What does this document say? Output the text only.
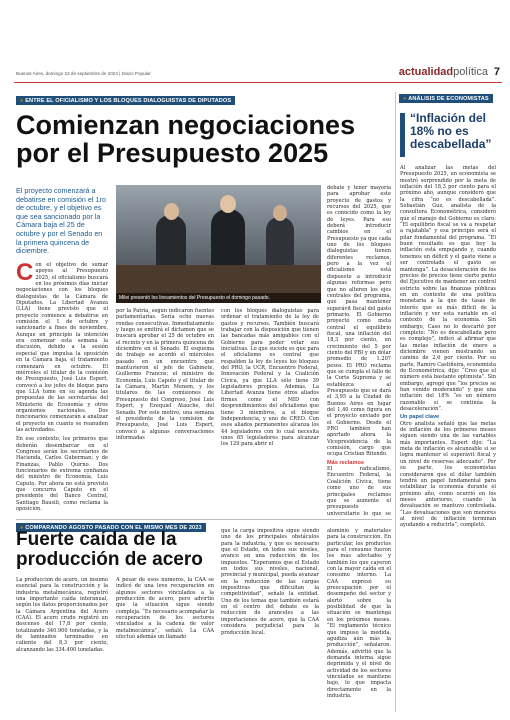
Buenos Aires, domingo 22 de septiembre de 2024 | Diario Popular	actualidadpolítica 7
» ENTRE EL OFICIALISMO Y LOS BLOQUES DIALOGUISTAS DE DIPUTADOS
Comienzan negociaciones por el Presupuesto 2025
El proyecto comenzará a debatirse en comisión el 1ro de octubre, y el objetivo es que sea sancionado por la Cámara baja el 25 de octubre y por el Senado en la primera quincena de diciembre.
Milei presentó los lineamientos del Presupuesto el domingo pasado.

Con el objetivo de sumar apoyos al Presupuesto 2025, el oficialismo buscará en los próximos días iniciar negociaciones con los bloques dialoguistas de la Cámara de Diputados. La Libertad Avanza (LLA) tiene previsto que el proyecto comience a debatirse en comisión el 1 de octubre y sancionarlo a fines de noviembre. Aunque en principio la intención era comenzar esta semana la discusión, debido a la sesión especial que impulsa la oposición en la Cámara baja, el tratamiento comenzará en octubre. El miércoles el titular de la comisión de Presupuesto, José Luis Espert, convocó a los jefes de bloque para que LLA tome en su agenda las propuestas de las secretarías del Ministerio de Economía y otros organismos nacionales. Dos funcionarios comenzarán a analizar el proyecto en cuanto se reanuden las actividades.

En ese contexto, los primeros que deberán desembarcar en el Congreso serán los secretarios de Hacienda, Carlos Guberman; y de Finanzas, Pablo Quirno. Dos funcionarios de extrema confianza del ministro de Economía, Luis Caputo. Por ahora no está previsto que concurra Caputo en el presidente del Banco Central, Santiago Bausili, como reclama la oposición.

por la Patria, según indicaron fuentes parlamentarias. Sería ocho nuevas rondas consecutivas. Inmediatamente y luego se emitirá el dictamen que se buscará aprobar el 25 de octubre en el recinto y en la primera quincena de diciembre en el Senado. El esquema de trabajo se acordó el miércoles pasado en un encuentro que mantuvieron el jefe de Gabinete, Guillermo Francos; el ministro de Economía, Luis Caputo y el titular de la Cámara, Martín Menem, y los titulares de las comisiones de Presupuesto del Congreso, José Luis Espert, y Ezequiel Atauche, del Senado. Por este motivo, una semana el presidente de la comisión de Presupuesto, José Luis Espert, convocó a algunas conversaciones informadas

con los bloques dialoguistas para ordenar el tratamiento de la ley de gastos y recursos. También buscará trabajar con la disposición que tienen las bancadas más amigables con el Gobierno para poder votar sus iniciativas. Lo que sucede es que para el oficialismo es central que respalden la ley de leyes los bloques del PRO, la UCR, Encuentro Federal, Innovación Federal y la Coalición Cívica, ya que LLA sólo tiene 39 legisladores propios. Además, La Libertad Avanza tiene otros aliados firmes como el MID con desprendimientos del oficialismo que tiene 3 miembros, a el bloque Independencia, y uno de CREO. Con esos aliados permanentes alcanza los 44 legisladores con lo cual necesita unos 85 legisladores para alcanzar los 129 para abrir el

debate y tener mayoría para aprobar este proyecto de gastos y recursos del 2025, que es conocido como la ley de leyes. Para eso deberá introducir cambios en el Presupuesto ya que cada uno de los bloques dialoguistas tienen diferentes reclamos, pero a la vez el oficialismo está dispuesto a introducir algunas reformas pero que no alteren los ejes centrales del programa, que pasa mantener superávit fiscal del gasto primario. El Gobierno proyectó como meta central el equilibrio fiscal, una inflación del 18,3 por ciento, un crecimiento del 5 por ciento del PBI y un dólar promedio de 1.207 pesos. El PRO reclama que se cumpla el fallo de la Corte Suprema y se establezca al Presupuesto que se dará el 3,95 a la Ciudad de Buenos Aires en lugar del 1,40 como figura en el proyecto enviado por el Gobierno. Desde el PRO también han aportado ahora la Vicepresidencia de la comisión, cargo que ocupa Cristian Ritondo.

Más reclamos

El radicalismo, Encuentro Federal, la Coalición Cívica, tiene como uno de sus principales reclamos que se aumente el presupuesto universitario lo que se

» COMPARANDO AGOSTO PASADO CON EL MISMO MES DE 2023
Fuerte caída de la producción de acero

La producción de acero, un insumo esencial para la construcción y la industria metalmecánica, registró una importante caída interanual, según los datos proporcionados por la Cámara Argentina del Acero (CAA). El acero crudo registró un descenso del 17,8 por ciento, totalizando 340.900 toneladas, y la de laminados terminados en caliente del 8,3 por ciento, alcanzando las 334.400 toneladas.

A pesar de esos números, la CAA se indicó de una leve recuperación en algunos sectores vinculados a la producción de acero, pero advirtió que la situación sigue siendo compleja. “Es necesario acompañar la recuperación de los sectores vinculados a la cadena de valor metalmecánica”, señaló. La CAA efectuó además un llamado

que la carga impositiva sigue siendo uno de los principales obstáculos para la industria, y que es necesario que el Estado, en todos sus niveles, avance en una reducción de los impuestos. “Esperamos que el Estado en todos sus niveles, nacional, provincial y municipal, pueda avanzar en la reducción de las cargas impositivas que dificultan la competitividad”, señaló la entidad. Uno de los temas que también estará en el centro del debate es la reducción de aranceles a las importaciones de acero, que la CAA considera perjudicial para la producción local.

aluminio y materiales para la construcción. En particular, los productos para el consumo fueron los más afectados y también los que cayeron con la mayor caída en el consumo interno. La CAA expresó su preocupación por el desempeño del sector y alertó sobre la posibilidad de que la situación se mantenga en los próximos meses. “El reglamento técnico que impuso la medida, agudiza aún más la producción”, señalaron. Además, advirtió que la demanda interna sigue deprimida y el nivel de actividad de los sectores vinculados se mantiene bajo, lo que impacta directamente en la industria.

» ANÁLISIS DE ECONOMISTAS
“Inflación del 18% no es descabellada”

Al analizar las metas del Presupuesto 2025, un economista se mostró sorprendido por la meta de inflación del 18,3 por ciento para el próximo año, aunque consideró que la cifra “no es descabellada”. Sebastián Guz, analista de la consultora Econométrica, consideró que el manejo del Gobierno es claro: “El equilibrio fiscal se va a respetar a rajatabla” y esa principio será el pilar fundamental del programa. “El buen resultado es que hoy la inflación está empujando y, cuando tenemos un déficit y el gasto viene a ser controlado el gasto se mantenga”. La desaceleración de los precios de precios tiene cierto punto del Ejecutivo de mantener un control estricto sobre las finanzas públicas en un contexto de una política monetaria a la que de tasas de interés que es más difícil de la inflación y ver esta variable en el contexto de la economía. Sin embargo, Caso no lo descartó por completo: “No es descabellada pero es complejo”, indicó al afirmar que las metas inflación de enero a diciembre vienen mostrando un camino de 2,6 por ciento. Por su parte, Ramiro Castiñeira, economista de Econométrica, dijo: “Creo que el número está bastante optimista”. Sin embargo, agregó que “los precios se han venido moderando” y que una inflación del 18% “es un número razonable si se continúa la desaceleración”.

Un papel clave

Otro analista señaló que las metas de inflación de los primeros meses siguen siendo una de las variables más importantes. Espert dijo: “La meta de inflación es alcanzable si se logra mantener el superávit fiscal y un nivel de reservas adecuado”. Por su parte, los economistas consideraron que el dólar también tendrá un papel fundamental para estabilizar la economía durante el próximo año, como ocurrió en los meses anteriores, cuando la devaluación se mantuvo controlada. “Las devaluaciones que son menores al nivel de inflación terminan ayudando a reducirla”, completó.
